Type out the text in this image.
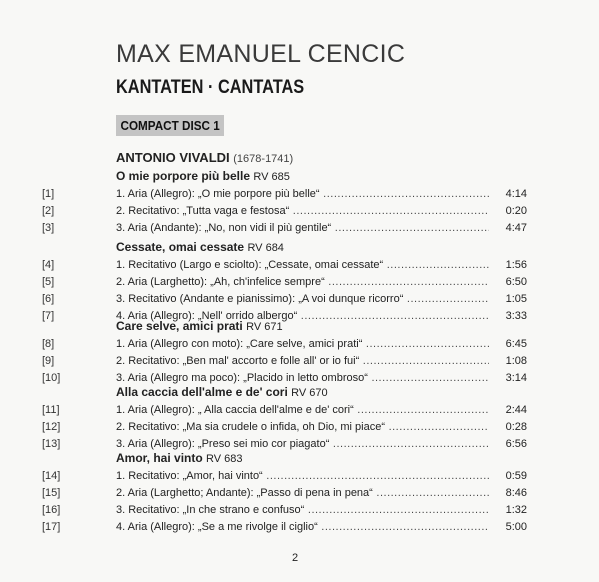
MAX EMANUEL CENCIC
KANTATEN · CANTATAS
COMPACT DISC 1
ANTONIO VIVALDI (1678-1741)
O mie porpore più belle RV 685
[1]	1. Aria (Allegro): „O mie porpore più belle“ .....	4:14
[2]	2. Recitativo: „Tutta vaga e festosa“ .....	0:20
[3]	3. Aria (Andante): „No, non vidi il più gentile“ .....	4:47
Cessate, omai cessate RV 684
[4]	1. Recitativo (Largo e sciolto): „Cessate, omai cessate“ .....	1:56
[5]	2. Aria (Larghetto): „Ah, ch'infelice sempre“ .....	6:50
[6]	3. Recitativo (Andante e pianissimo): „A voi dunque ricorro“ .....	1:05
[7]	4. Aria (Allegro): „Nell' orrido albergo“ .....	3:33
Care selve, amici prati RV 671
[8]	1. Aria (Allegro con moto): „Care selve, amici prati“ .....	6:45
[9]	2. Recitativo: „Ben mal' accorto e folle all' or io fui“ .....	1:08
[10]	3. Aria (Allegro ma poco): „Placido in letto ombroso“ .....	3:14
Alla caccia dell'alme e de' cori RV 670
[11]	1. Aria (Allegro): „ Alla caccia dell'alme e de' cori“ .....	2:44
[12]	2. Recitativo: „Ma sia crudele o infida, oh Dio, mi piace“ .....	0:28
[13]	3. Aria (Allegro): „Preso sei mio cor piagato“ .....	6:56
Amor, hai vinto RV 683
[14]	1. Recitativo: „Amor, hai vinto“ .....	0:59
[15]	2. Aria (Larghetto; Andante): „Passo di pena in pena“ .....	8:46
[16]	3. Recitativo: „In che strano e confuso“ .....	1:32
[17]	4. Aria (Allegro): „Se a me rivolge il ciglio“ .....	5:00
2
